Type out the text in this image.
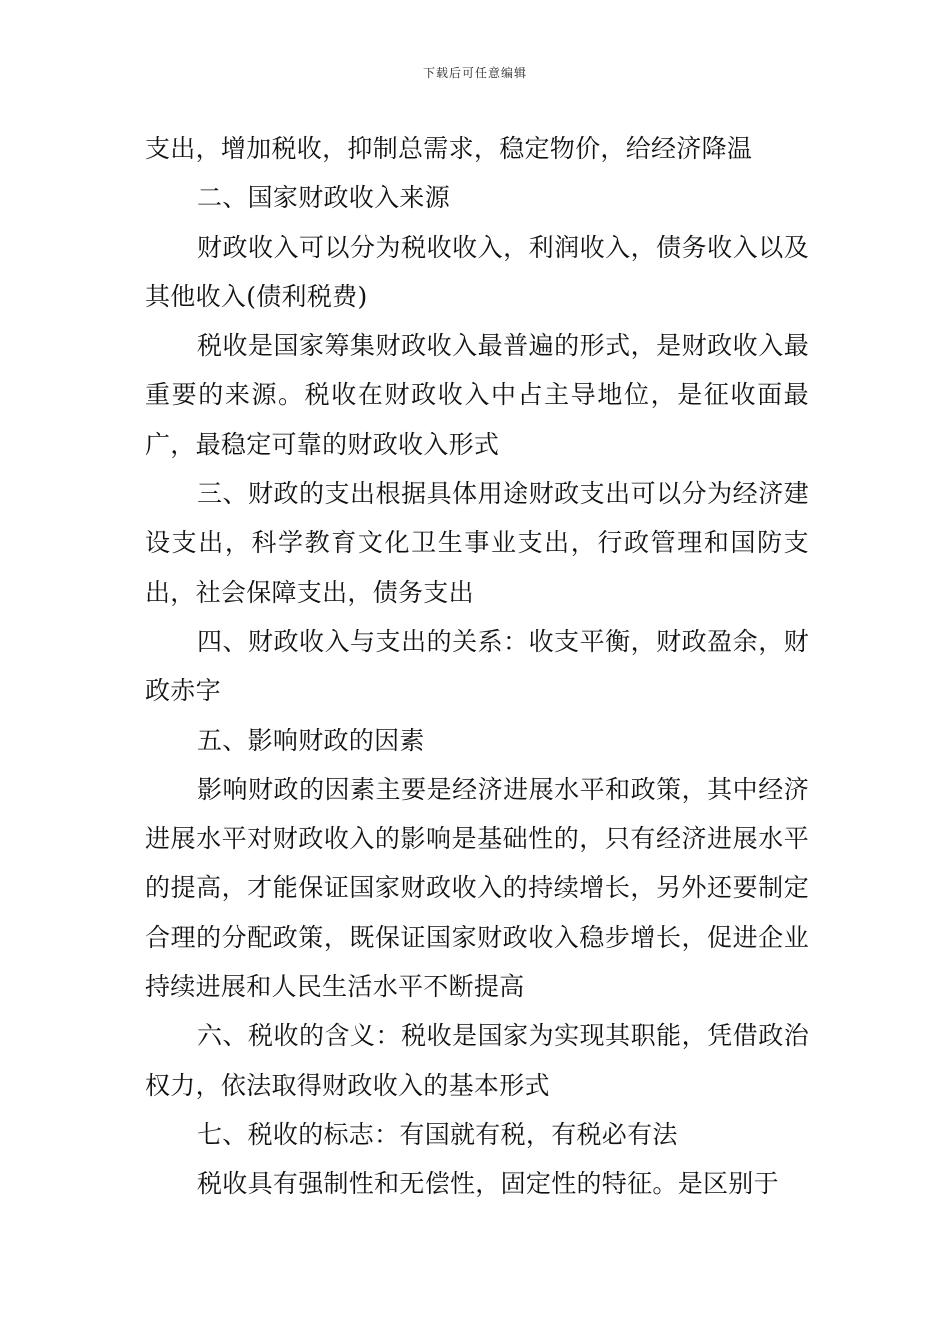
下载后可任意编辑

支出，增加税收，抑制总需求，稳定物价，给经济降温

二、国家财政收入来源

财政收入可以分为税收收入，利润收入，债务收入以及其他收入(债利税费)

税收是国家筹集财政收入最普遍的形式，是财政收入最重要的来源。税收在财政收入中占主导地位，是征收面最广，最稳定可靠的财政收入形式

三、财政的支出根据具体用途财政支出可以分为经济建设支出，科学教育文化卫生事业支出，行政管理和国防支出，社会保障支出，债务支出

四、财政收入与支出的关系：收支平衡，财政盈余，财政赤字

五、影响财政的因素

影响财政的因素主要是经济进展水平和政策，其中经济进展水平对财政收入的影响是基础性的，只有经济进展水平的提高，才能保证国家财政收入的持续增长，另外还要制定合理的分配政策，既保证国家财政收入稳步增长，促进企业持续进展和人民生活水平不断提高

六、税收的含义：税收是国家为实现其职能，凭借政治权力，依法取得财政收入的基本形式

七、税收的标志：有国就有税，有税必有法

税收具有强制性和无偿性，固定性的特征。是区别于
